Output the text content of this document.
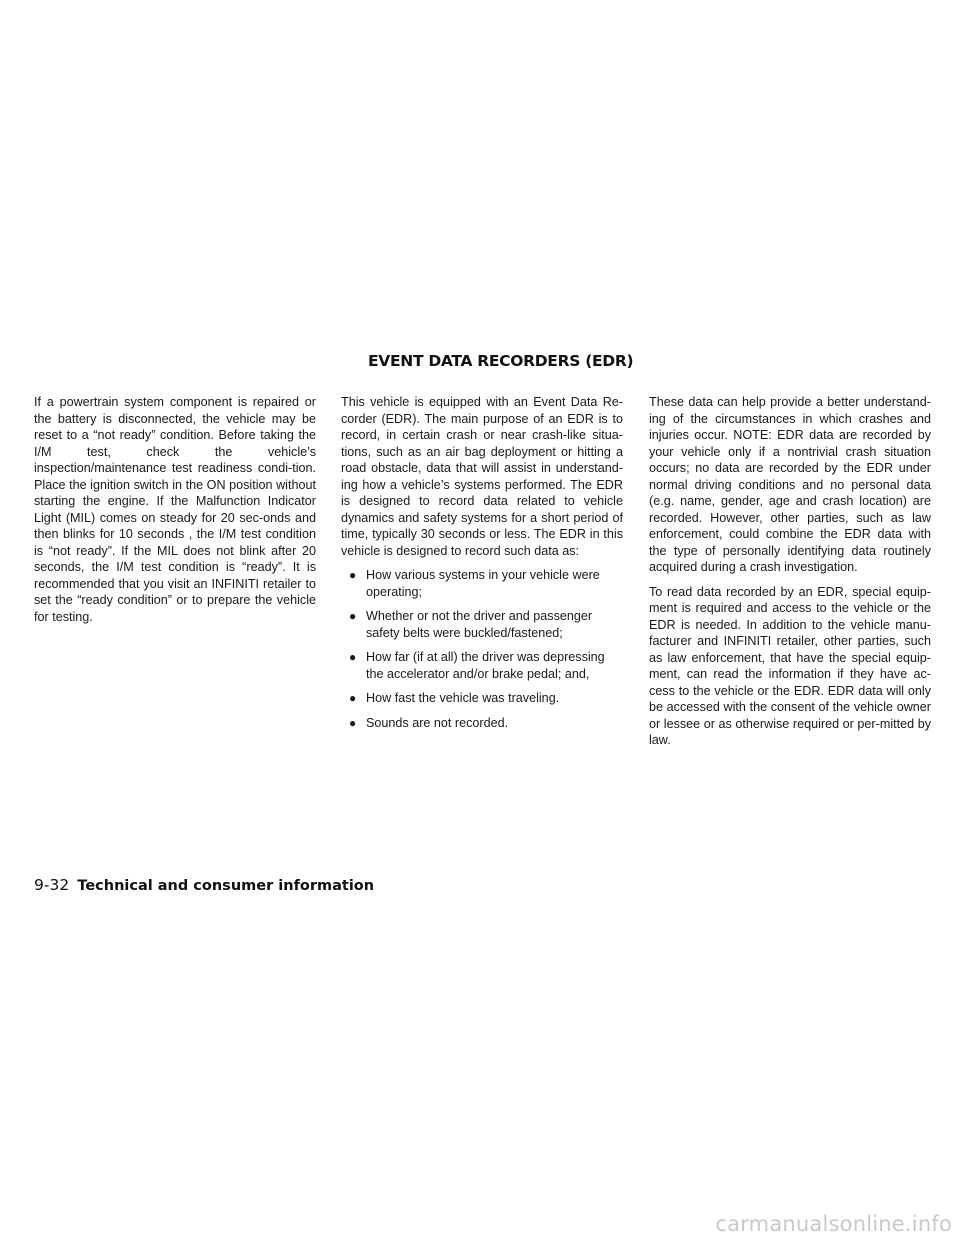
EVENT DATA RECORDERS (EDR)

If a powertrain system component is repaired or the battery is disconnected, the vehicle may be reset to a “not ready” condition. Before taking the I/M test, check the vehicle’s inspection/maintenance test readiness condi-tion. Place the ignition switch in the ON position without starting the engine. If the Malfunction Indicator Light (MIL) comes on steady for 20 sec-onds and then blinks for 10 seconds , the I/M test condition is “not ready”. If the MIL does not blink after 20 seconds, the I/M test condition is “ready”. It is recommended that you visit an INFINITI retailer to set the “ready condition” or to prepare the vehicle for testing.

This vehicle is equipped with an Event Data Re-corder (EDR). The main purpose of an EDR is to record, in certain crash or near crash-like situa-tions, such as an air bag deployment or hitting a road obstacle, data that will assist in understand-ing how a vehicle’s systems performed. The EDR is designed to record data related to vehicle dynamics and safety systems for a short period of time, typically 30 seconds or less. The EDR in this vehicle is designed to record such data as:

● How various systems in your vehicle were operating;
● Whether or not the driver and passenger safety belts were buckled/fastened;
● How far (if at all) the driver was depressing the accelerator and/or brake pedal; and,
● How fast the vehicle was traveling.
● Sounds are not recorded.

These data can help provide a better understand-ing of the circumstances in which crashes and injuries occur. NOTE: EDR data are recorded by your vehicle only if a nontrivial crash situation occurs; no data are recorded by the EDR under normal driving conditions and no personal data (e.g. name, gender, age and crash location) are recorded. However, other parties, such as law enforcement, could combine the EDR data with the type of personally identifying data routinely acquired during a crash investigation.

To read data recorded by an EDR, special equip-ment is required and access to the vehicle or the EDR is needed. In addition to the vehicle manu-facturer and INFINITI retailer, other parties, such as law enforcement, that have the special equip-ment, can read the information if they have ac-cess to the vehicle or the EDR. EDR data will only be accessed with the consent of the vehicle owner or lessee or as otherwise required or per-mitted by law.

9-32 Technical and consumer information
carmanualsonline.info
